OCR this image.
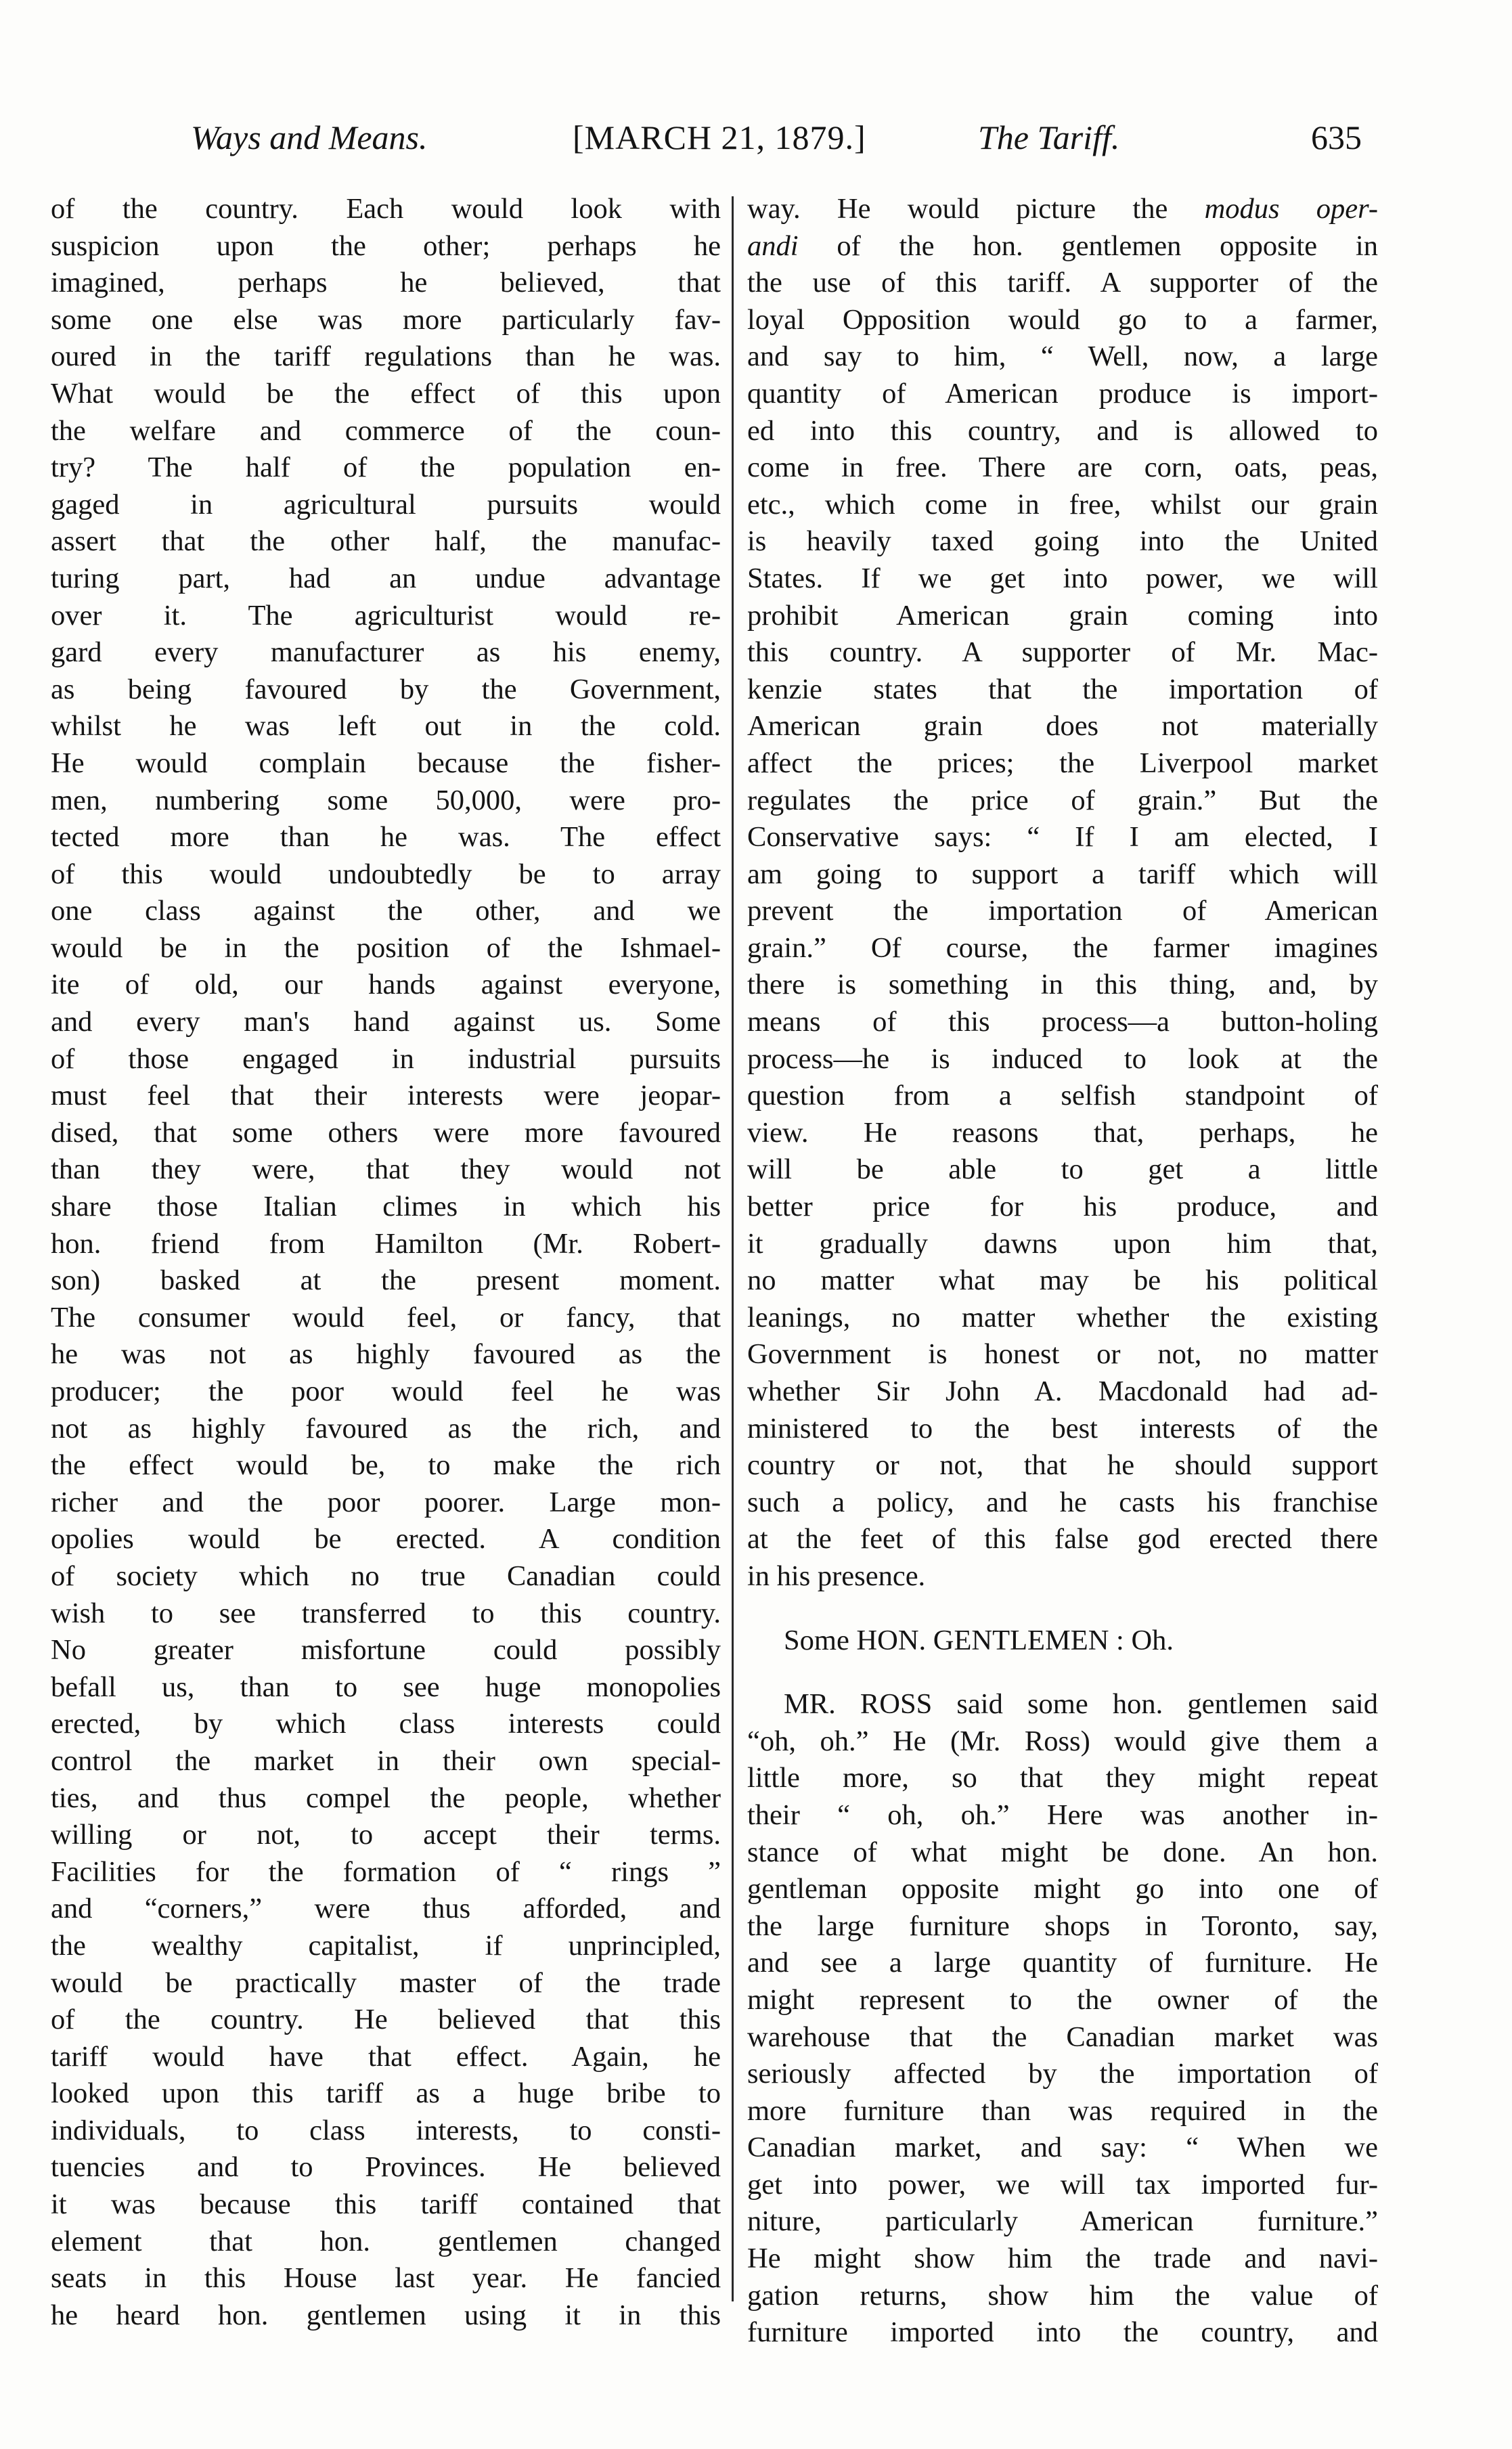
Ways and Means.	[MARCH 21, 1879.]	The Tariff.	635
of the country. Each would look with
suspicion upon the other; perhaps he
imagined, perhaps he believed, that
some one else was more particularly fav-
oured in the tariff regulations than he was.
What would be the effect of this upon
the welfare and commerce of the coun-
try? The half of the population en-
gaged in agricultural pursuits would
assert that the other half, the manufac-
turing part, had an undue advantage
over it. The agriculturist would re-
gard every manufacturer as his enemy,
as being favoured by the Government,
whilst he was left out in the cold.
He would complain because the fisher-
men, numbering some 50,000, were pro-
tected more than he was. The effect
of this would undoubtedly be to array
one class against the other, and we
would be in the position of the Ishmael-
ite of old, our hands against everyone,
and every man's hand against us. Some
of those engaged in industrial pursuits
must feel that their interests were jeopar-
dised, that some others were more favoured
than they were, that they would not
share those Italian climes in which his
hon. friend from Hamilton (Mr. Robert-
son) basked at the present moment.
The consumer would feel, or fancy, that
he was not as highly favoured as the
producer; the poor would feel he was
not as highly favoured as the rich, and
the effect would be, to make the rich
richer and the poor poorer. Large mon-
opolies would be erected. A condition
of society which no true Canadian could
wish to see transferred to this country.
No greater misfortune could possibly
befall us, than to see huge monopolies
erected, by which class interests could
control the market in their own special-
ties, and thus compel the people, whether
willing or not, to accept their terms.
Facilities for the formation of “ rings ”
and “corners,” were thus afforded, and
the wealthy capitalist, if unprincipled,
would be practically master of the trade
of the country. He believed that this
tariff would have that effect. Again, he
looked upon this tariff as a huge bribe to
individuals, to class interests, to consti-
tuencies and to Provinces. He believed
it was because this tariff contained that
element that hon. gentlemen changed
seats in this House last year. He fancied
he heard hon. gentlemen using it in this
way. He would picture the modus oper-
andi of the hon. gentlemen opposite in
the use of this tariff. A supporter of the
loyal Opposition would go to a farmer,
and say to him, “ Well, now, a large
quantity of American produce is import-
ed into this country, and is allowed to
come in free. There are corn, oats, peas,
etc., which come in free, whilst our grain
is heavily taxed going into the United
States. If we get into power, we will
prohibit American grain coming into
this country. A supporter of Mr. Mac-
kenzie states that the importation of
American grain does not materially
affect the prices; the Liverpool market
regulates the price of grain.” But the
Conservative says: “ If I am elected, I
am going to support a tariff which will
prevent the importation of American
grain.” Of course, the farmer imagines
there is something in this thing, and, by
means of this process—a button-holing
process—he is induced to look at the
question from a selfish standpoint of
view. He reasons that, perhaps, he
will be able to get a little
better price for his produce, and
it gradually dawns upon him that,
no matter what may be his political
leanings, no matter whether the existing
Government is honest or not, no matter
whether Sir John A. Macdonald had ad-
ministered to the best interests of the
country or not, that he should support
such a policy, and he casts his franchise
at the feet of this false god erected there
in his presence.
Some HON. GENTLEMEN : Oh.
MR. ROSS said some hon. gentlemen said
“oh, oh.” He (Mr. Ross) would give them a
little more, so that they might repeat
their “ oh, oh.” Here was another in-
stance of what might be done. An hon.
gentleman opposite might go into one of
the large furniture shops in Toronto, say,
and see a large quantity of furniture. He
might represent to the owner of the
warehouse that the Canadian market was
seriously affected by the importation of
more furniture than was required in the
Canadian market, and say: “ When we
get into power, we will tax imported fur-
niture, particularly American furniture.”
He might show him the trade and navi-
gation returns, show him the value of
furniture imported into the country, and
